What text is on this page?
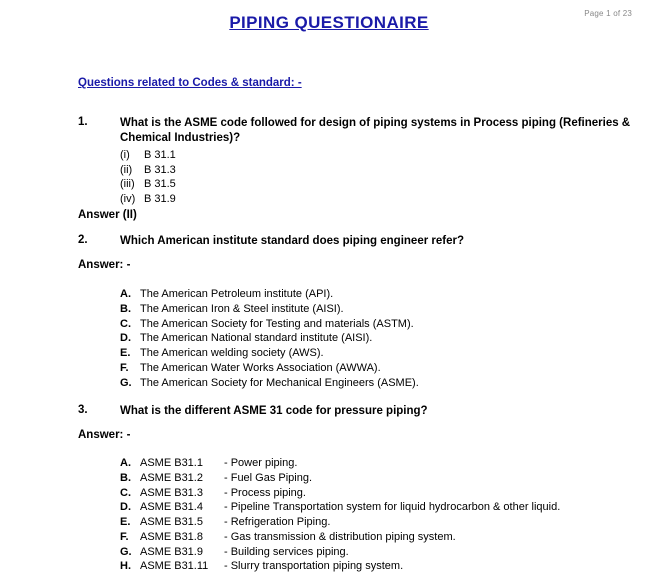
Page 1 of 23
PIPING QUESTIONAIRE
Questions related to Codes & standard: -
1.	What is the ASME code followed for design of piping systems in Process piping (Refineries & Chemical Industries)?
(i) B 31.1
(ii) B 31.3
(iii) B 31.5
(iv) B 31.9
Answer (II)
2.	Which American institute standard does piping engineer refer?
Answer: -
A. The American Petroleum institute (API).
B. The American Iron & Steel institute (AISI).
C. The American Society for Testing and materials (ASTM).
D. The American National standard institute (AISI).
E. The American welding society (AWS).
F. The American Water Works Association (AWWA).
G. The American Society for Mechanical Engineers (ASME).
3.	What is the different ASME 31 code for pressure piping?
Answer: -
A. ASME B31.1 - Power piping.
B. ASME B31.2 - Fuel Gas Piping.
C. ASME B31.3 - Process piping.
D. ASME B31.4 - Pipeline Transportation system for liquid hydrocarbon & other liquid.
E. ASME B31.5 - Refrigeration Piping.
F. ASME B31.8 - Gas transmission & distribution piping system.
G. ASME B31.9 - Building services piping.
H. ASME B31.11 - Slurry transportation piping system.
